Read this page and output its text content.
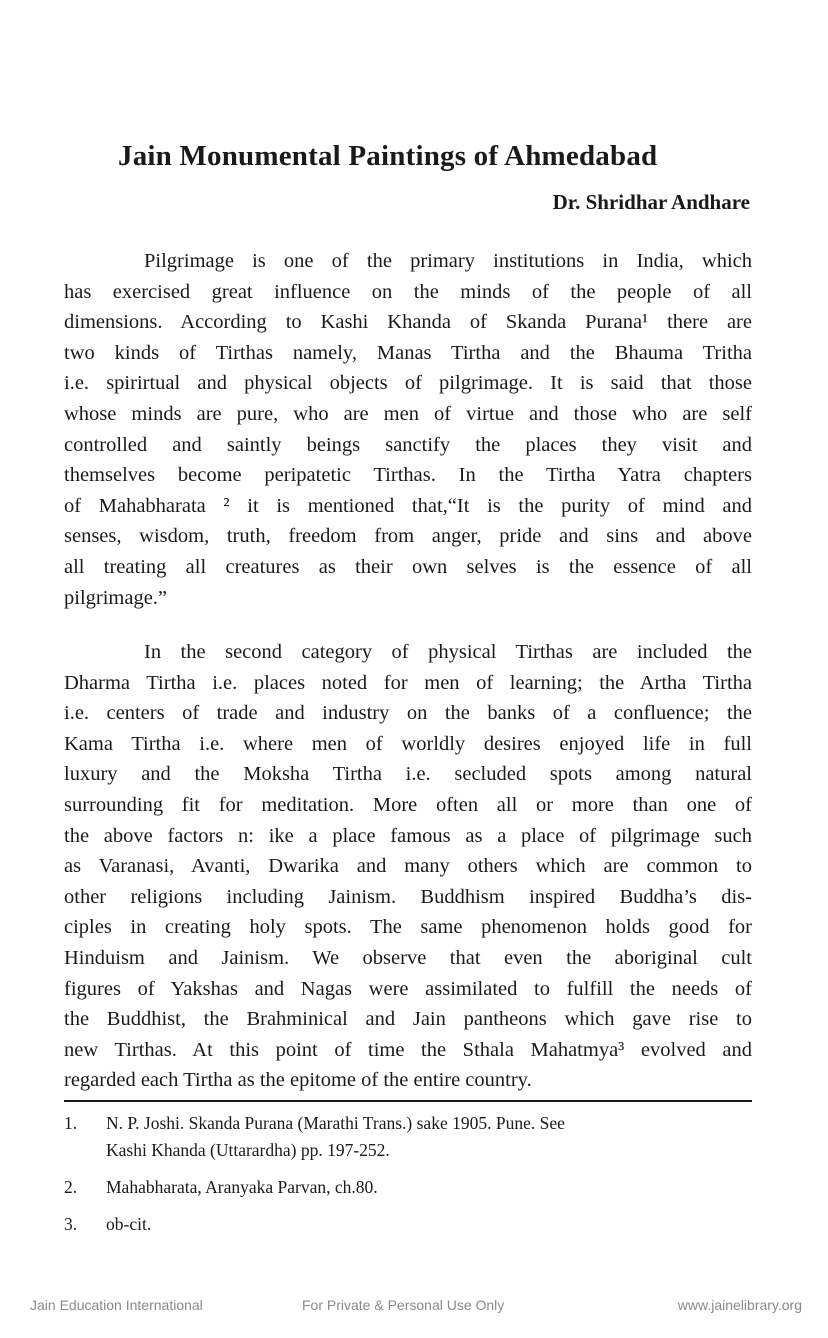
Jain Monumental Paintings of Ahmedabad
Dr. Shridhar Andhare
Pilgrimage is one of the primary institutions in India, which
has exercised great influence on the minds of the people of all
dimensions. According to Kashi Khanda of Skanda Purana¹ there are
two kinds of Tirthas namely, Manas Tirtha and the Bhauma Tritha
i.e. spirirtual and physical objects of pilgrimage. It is said that those
whose minds are pure, who are men of virtue and those who are self
controlled and saintly beings sanctify the places they visit and
themselves become peripatetic Tirthas. In the Tirtha Yatra chapters
of Mahabharata ² it is mentioned that,“It is the purity of mind and
senses, wisdom, truth, freedom from anger, pride and sins and above
all treating all creatures as their own selves is the essence of all
pilgrimage.”
In the second category of physical Tirthas are included the
Dharma Tirtha i.e. places noted for men of learning; the Artha Tirtha
i.e. centers of trade and industry on the banks of a confluence; the
Kama Tirtha i.e. where men of worldly desires enjoyed life in full
luxury and the Moksha Tirtha i.e. secluded spots among natural
surrounding fit for meditation. More often all or more than one of
the above factors n: ike a place famous as a place of pilgrimage such
as Varanasi, Avanti, Dwarika and many others which are common to
other religions including Jainism. Buddhism inspired Buddha’s dis-
ciples in creating holy spots. The same phenomenon holds good for
Hinduism and Jainism. We observe that even the aboriginal cult
figures of Yakshas and Nagas were assimilated to fulfill the needs of
the Buddhist, the Brahminical and Jain pantheons which gave rise to
new Tirthas. At this point of time the Sthala Mahatmya³ evolved and
regarded each Tirtha as the epitome of the entire country.
1. N. P. Joshi. Skanda Purana (Marathi Trans.) sake 1905. Pune. See
Kashi Khanda (Uttarardha) pp. 197-252.
2. Mahabharata, Aranyaka Parvan, ch.80.
3. ob-cit.
Jain Education International	For Private & Personal Use Only	www.jainelibrary.org
